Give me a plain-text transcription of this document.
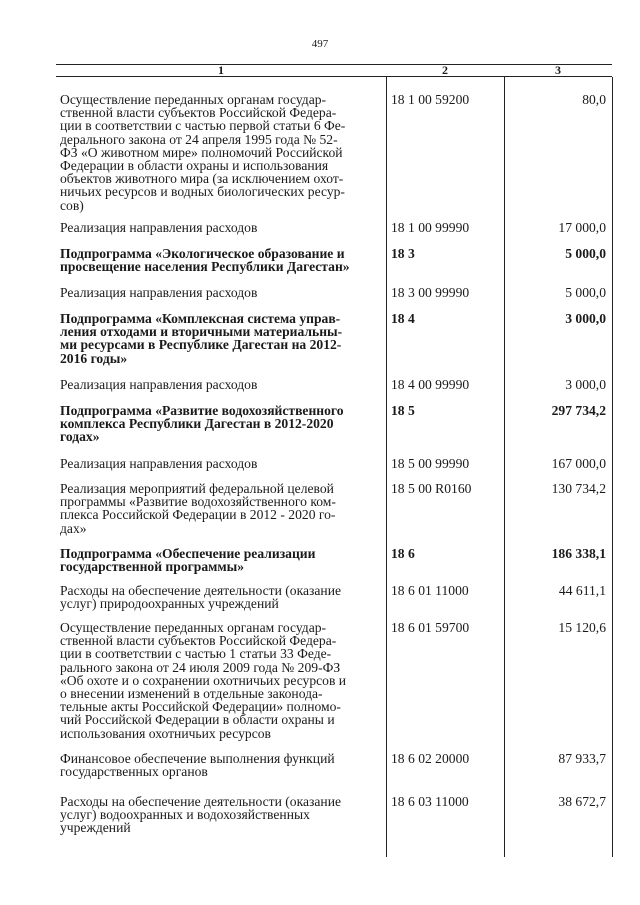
497
1	2	3
Осуществление переданных органам государ-
ственной власти субъектов Российской Федера-
ции в соответствии с частью первой статьи 6 Фе-
дерального закона от 24 апреля 1995 года № 52-
ФЗ «О животном мире» полномочий Российской
Федерации в области охраны и использования
объектов животного мира (за исключением охот-
ничьих ресурсов и водных биологических ресур-
сов)
18 1 00 59200	80,0
Реализация направления расходов	18 1 00 99990	17 000,0
Подпрограмма «Экологическое образование и
просвещение населения Республики Дагестан»
18 3	5 000,0
Реализация направления расходов	18 3 00 99990	5 000,0
Подпрограмма «Комплексная система управ-
ления отходами и вторичными материальны-
ми ресурсами в Республике Дагестан на 2012-
2016 годы»
18 4	3 000,0
Реализация направления расходов	18 4 00 99990	3 000,0
Подпрограмма «Развитие водохозяйственного
комплекса Республики Дагестан в 2012-2020
годах»
18 5	297 734,2
Реализация направления расходов	18 5 00 99990	167 000,0
Реализация мероприятий федеральной целевой
программы «Развитие водохозяйственного ком-
плекса Российской Федерации в 2012 - 2020 го-
дах»
18 5 00 R0160	130 734,2
Подпрограмма «Обеспечение реализации
государственной программы»
18 6	186 338,1
Расходы на обеспечение деятельности (оказание
услуг) природоохранных учреждений
18 6 01 11000	44 611,1
Осуществление переданных органам государ-
ственной власти субъектов Российской Федера-
ции в соответствии с частью 1 статьи 33 Феде-
рального закона от 24 июля 2009 года № 209-ФЗ
«Об охоте и о сохранении охотничьих ресурсов и
о внесении изменений в отдельные законода-
тельные акты Российской Федерации» полномо-
чий Российской Федерации в области охраны и
использования охотничьих ресурсов
18 6 01 59700	15 120,6
Финансовое обеспечение выполнения функций
государственных органов
18 6 02 20000	87 933,7
Расходы на обеспечение деятельности (оказание
услуг) водоохранных и водохозяйственных
учреждений
18 6 03 11000	38 672,7
